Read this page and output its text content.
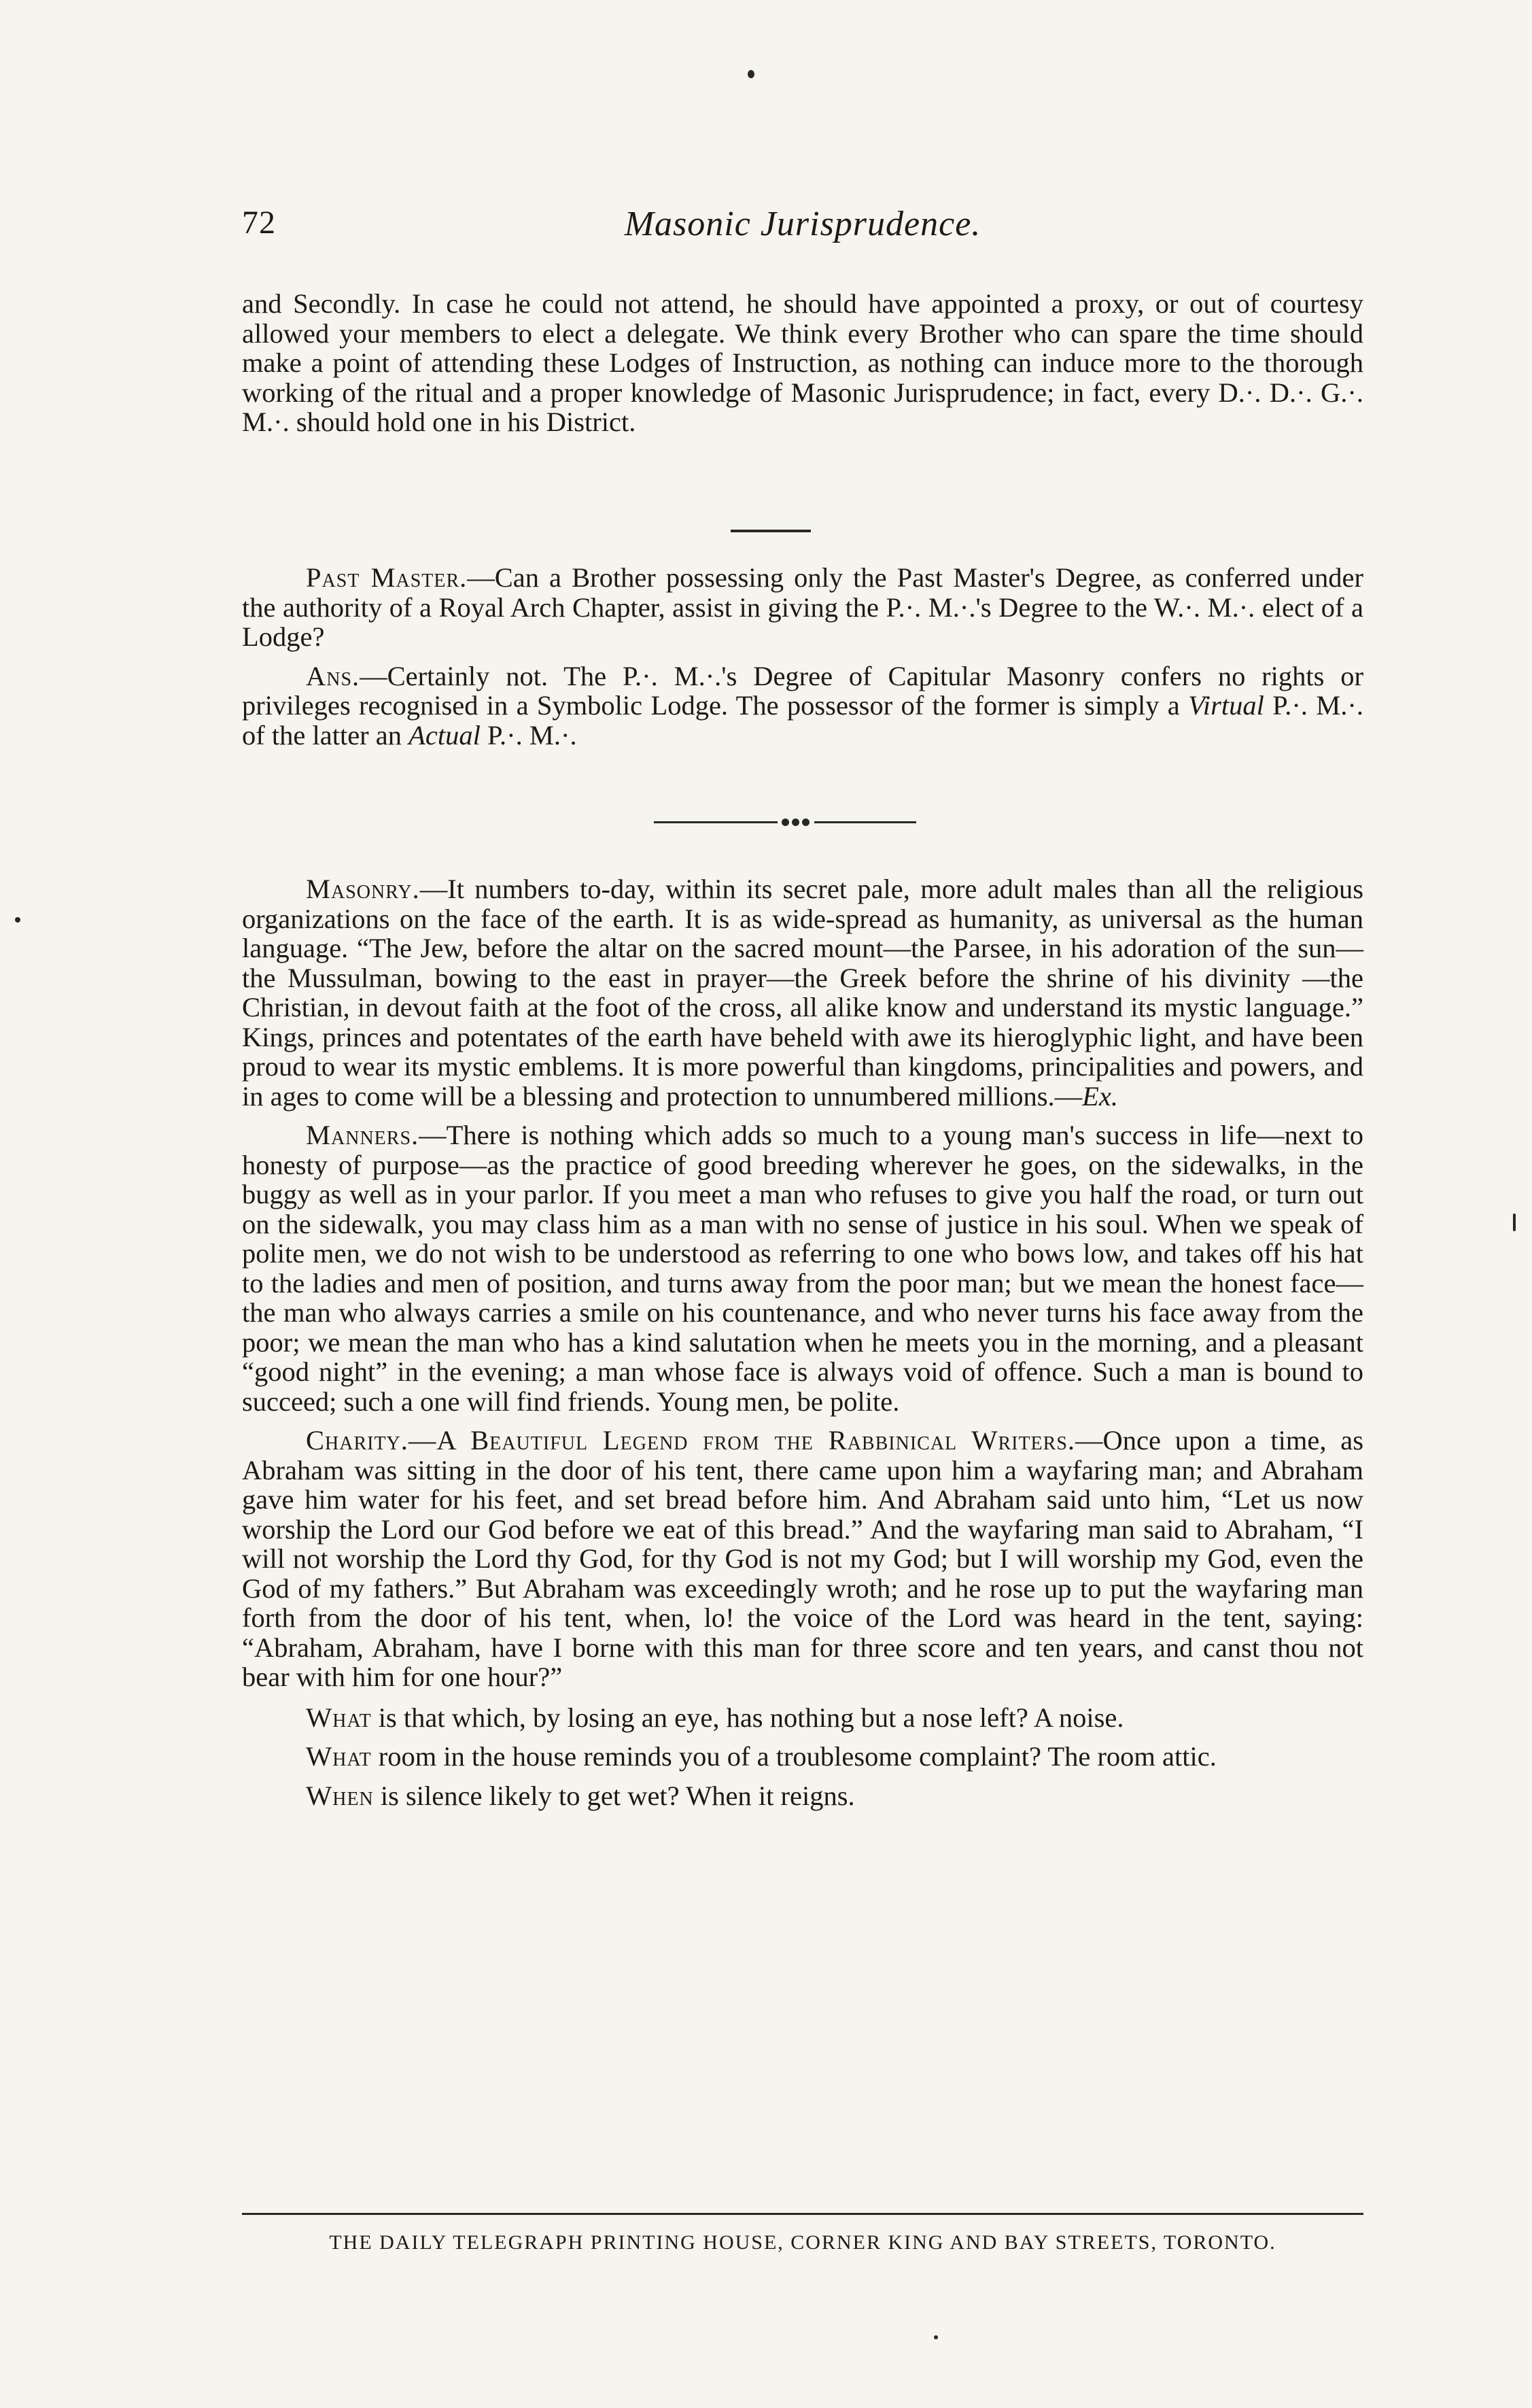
72	Masonic Jurisprudence.

and Secondly. In case he could not attend, he should have appointed a proxy, or out of courtesy allowed your members to elect a delegate. We think every Brother who can spare the time should make a point of attending these Lodges of Instruction, as nothing can induce more to the thorough working of the ritual and a proper knowledge of Masonic Jurisprudence; in fact, every D.·. D.·. G.·. M.·. should hold one in his District.

Past Master.—Can a Brother possessing only the Past Master's Degree, as conferred under the authority of a Royal Arch Chapter, assist in giving the P.·. M.·.'s Degree to the W.·. M.·. elect of a Lodge?

Ans.—Certainly not. The P.·. M.·.'s Degree of Capitular Masonry confers no rights or privileges recognised in a Symbolic Lodge. The possessor of the former is simply a Virtual P.·. M.·. of the latter an Actual P.·. M.·.

Masonry.—It numbers to-day, within its secret pale, more adult males than all the religious organizations on the face of the earth. It is as wide-spread as humanity, as universal as the human language. “The Jew, before the altar on the sacred mount—the Parsee, in his adoration of the sun—the Mussulman, bowing to the east in prayer—the Greek before the shrine of his divinity —the Christian, in devout faith at the foot of the cross, all alike know and understand its mystic language.” Kings, princes and potentates of the earth have beheld with awe its hieroglyphic light, and have been proud to wear its mystic emblems. It is more powerful than kingdoms, principalities and powers, and in ages to come will be a blessing and protection to unnumbered millions.—Ex.

Manners.—There is nothing which adds so much to a young man's success in life—next to honesty of purpose—as the practice of good breeding wherever he goes, on the sidewalks, in the buggy as well as in your parlor. If you meet a man who refuses to give you half the road, or turn out on the sidewalk, you may class him as a man with no sense of justice in his soul. When we speak of polite men, we do not wish to be understood as referring to one who bows low, and takes off his hat to the ladies and men of position, and turns away from the poor man; but we mean the honest face—the man who always carries a smile on his countenance, and who never turns his face away from the poor; we mean the man who has a kind salutation when he meets you in the morning, and a pleasant “good night” in the evening; a man whose face is always void of offence. Such a man is bound to succeed; such a one will find friends. Young men, be polite.

Charity.—A Beautiful Legend from the Rabbinical Writers.—Once upon a time, as Abraham was sitting in the door of his tent, there came upon him a wayfaring man; and Abraham gave him water for his feet, and set bread before him. And Abraham said unto him, “Let us now worship the Lord our God before we eat of this bread.” And the wayfaring man said to Abraham, “I will not worship the Lord thy God, for thy God is not my God; but I will worship my God, even the God of my fathers.” But Abraham was exceedingly wroth; and he rose up to put the wayfaring man forth from the door of his tent, when, lo! the voice of the Lord was heard in the tent, saying: “Abraham, Abraham, have I borne with this man for three score and ten years, and canst thou not bear with him for one hour?”

What is that which, by losing an eye, has nothing but a nose left? A noise.

What room in the house reminds you of a troublesome complaint? The room attic.

When is silence likely to get wet? When it reigns.

THE DAILY TELEGRAPH PRINTING HOUSE, CORNER KING AND BAY STREETS, TORONTO.
